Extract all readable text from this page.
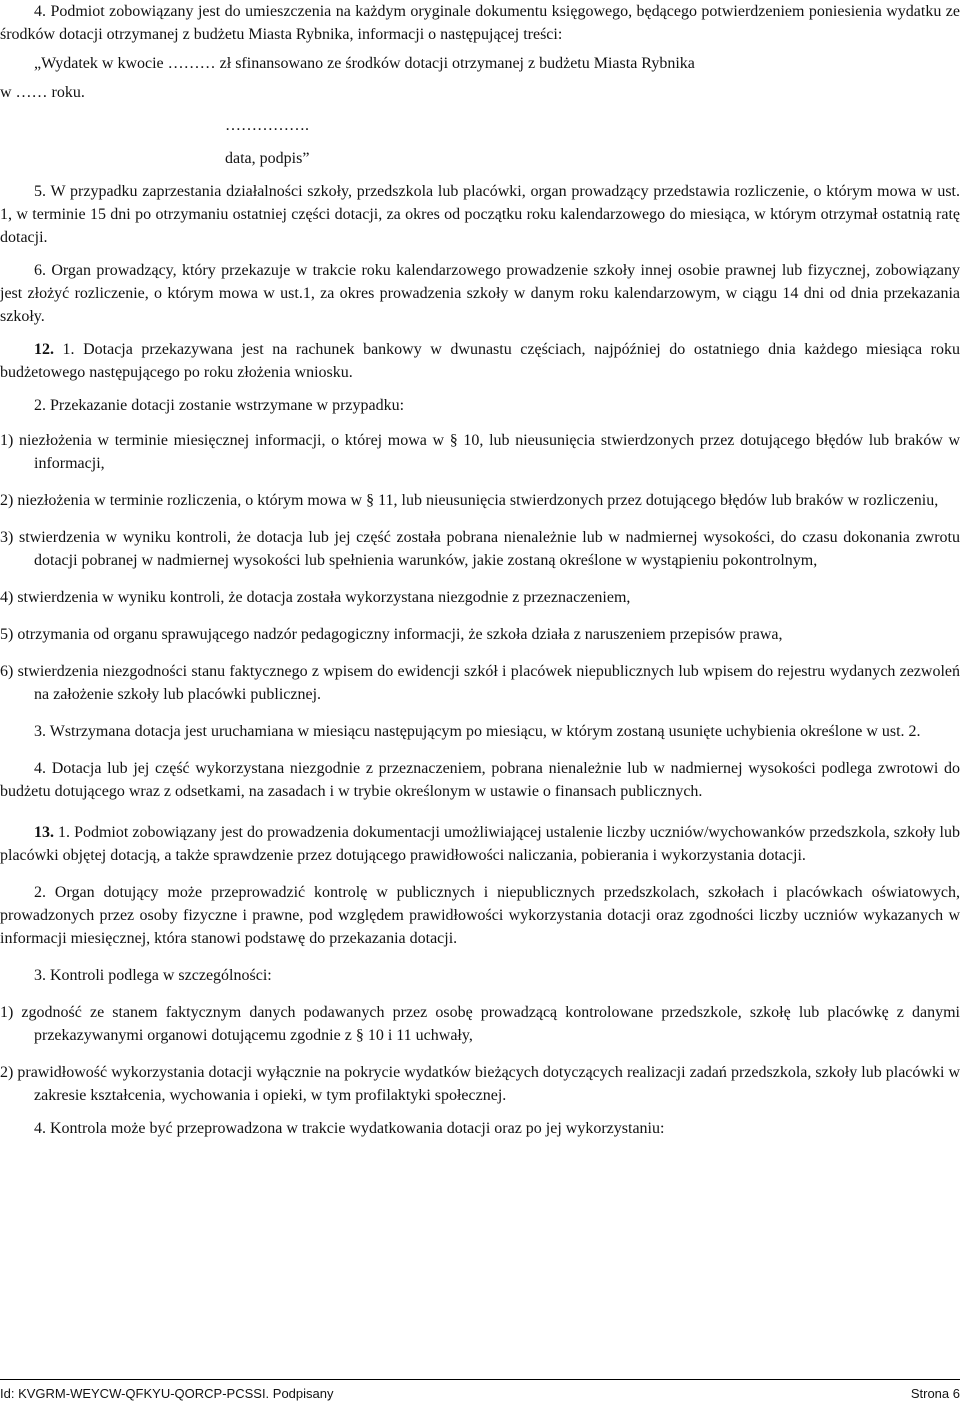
4. Podmiot zobowiązany jest do umieszczenia na każdym oryginale dokumentu księgowego, będącego potwierdzeniem poniesienia wydatku ze środków dotacji otrzymanej z budżetu Miasta Rybnika, informacji o następującej treści:

„Wydatek w kwocie ……… zł sfinansowano ze środków dotacji otrzymanej z budżetu Miasta Rybnika

w …… roku.

…………….

data, podpis”

5. W przypadku zaprzestania działalności szkoły, przedszkola lub placówki, organ prowadzący przedstawia rozliczenie, o którym mowa w ust. 1, w terminie 15 dni po otrzymaniu ostatniej części dotacji, za okres od początku roku kalendarzowego do miesiąca, w którym otrzymał ostatnią ratę dotacji.

6. Organ prowadzący, który przekazuje w trakcie roku kalendarzowego prowadzenie szkoły innej osobie prawnej lub fizycznej, zobowiązany jest złożyć rozliczenie, o którym mowa w ust.1, za okres prowadzenia szkoły w danym roku kalendarzowym, w ciągu 14 dni od dnia przekazania szkoły.

12. 1. Dotacja przekazywana jest na rachunek bankowy w dwunastu częściach, najpóźniej do ostatniego dnia każdego miesiąca roku budżetowego następującego po roku złożenia wniosku.

2. Przekazanie dotacji zostanie wstrzymane w przypadku:

1) niezłożenia w terminie miesięcznej informacji, o której mowa w § 10, lub nieusunięcia stwierdzonych przez dotującego błędów lub braków w informacji,

2) niezłożenia w terminie rozliczenia, o którym mowa w § 11, lub nieusunięcia stwierdzonych przez dotującego błędów lub braków w rozliczeniu,

3) stwierdzenia w wyniku kontroli, że dotacja lub jej część została pobrana nienależnie lub w nadmiernej wysokości, do czasu dokonania zwrotu dotacji pobranej w nadmiernej wysokości lub spełnienia warunków, jakie zostaną określone w wystąpieniu pokontrolnym,

4) stwierdzenia w wyniku kontroli, że dotacja została wykorzystana niezgodnie z przeznaczeniem,

5) otrzymania od organu sprawującego nadzór pedagogiczny informacji, że szkoła działa z naruszeniem przepisów prawa,

6) stwierdzenia niezgodności stanu faktycznego z wpisem do ewidencji szkół i placówek niepublicznych lub wpisem do rejestru wydanych zezwoleń na założenie szkoły lub placówki publicznej.

3. Wstrzymana dotacja jest uruchamiana w miesiącu następującym po miesiącu, w którym zostaną usunięte uchybienia określone w ust. 2.

4. Dotacja lub jej część wykorzystana niezgodnie z przeznaczeniem, pobrana nienależnie lub w nadmiernej wysokości podlega zwrotowi do budżetu dotującego wraz z odsetkami, na zasadach i w trybie określonym w ustawie o finansach publicznych.

13. 1. Podmiot zobowiązany jest do prowadzenia dokumentacji umożliwiającej ustalenie liczby uczniów/wychowanków przedszkola, szkoły lub placówki objętej dotacją, a także sprawdzenie przez dotującego prawidłowości naliczania, pobierania i wykorzystania dotacji.

2. Organ dotujący może przeprowadzić kontrolę w publicznych i niepublicznych przedszkolach, szkołach i placówkach oświatowych, prowadzonych przez osoby fizyczne i prawne, pod względem prawidłowości wykorzystania dotacji oraz zgodności liczby uczniów wykazanych w informacji miesięcznej, która stanowi podstawę do przekazania dotacji.

3. Kontroli podlega w szczególności:

1) zgodność ze stanem faktycznym danych podawanych przez osobę prowadzącą kontrolowane przedszkole, szkołę lub placówkę z danymi przekazywanymi organowi dotującemu zgodnie z § 10 i 11 uchwały,

2) prawidłowość wykorzystania dotacji wyłącznie na pokrycie wydatków bieżących dotyczących realizacji zadań przedszkola, szkoły lub placówki w zakresie kształcenia, wychowania i opieki, w tym profilaktyki społecznej.

4. Kontrola może być przeprowadzona w trakcie wydatkowania dotacji oraz po jej wykorzystaniu:

Id: KVGRM-WEYCW-QFKYU-QORCP-PCSSI. Podpisany	Strona 6
